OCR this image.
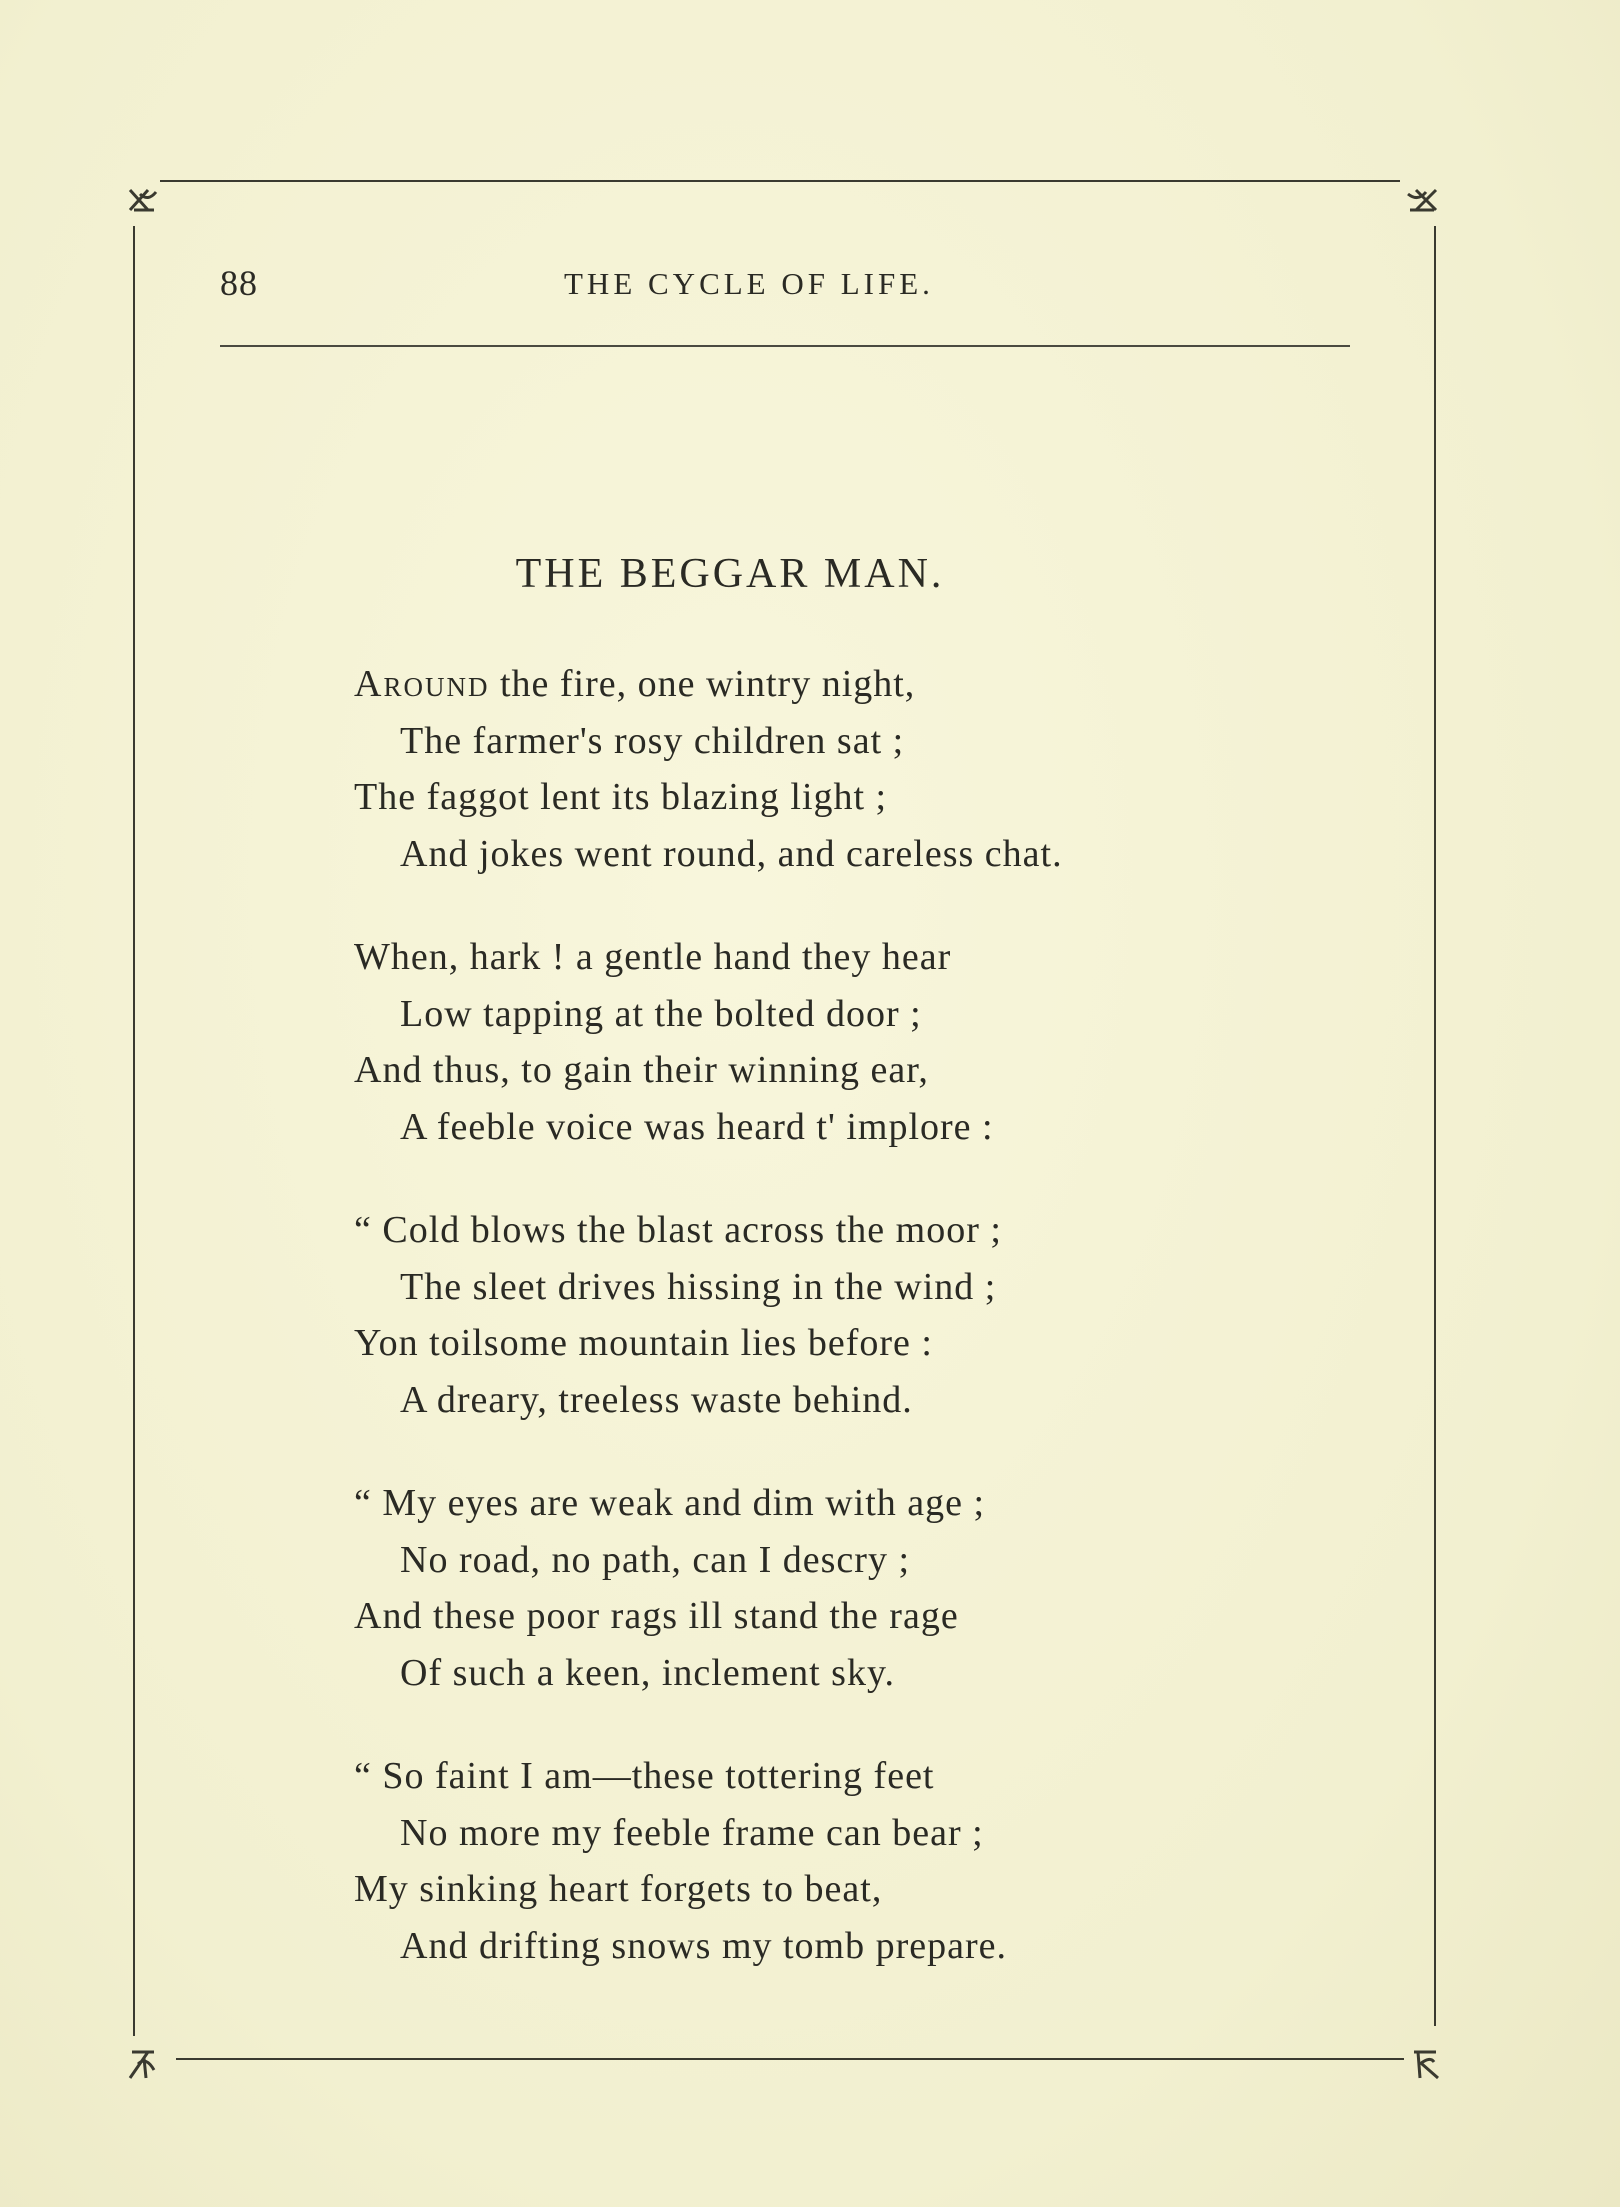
88	THE CYCLE OF LIFE.
THE BEGGAR MAN.
Around the fire, one wintry night,
The farmer's rosy children sat ;
The faggot lent its blazing light ;
And jokes went round, and careless chat.
When, hark ! a gentle hand they hear
Low tapping at the bolted door ;
And thus, to gain their winning ear,
A feeble voice was heard t' implore :
“ Cold blows the blast across the moor ;
The sleet drives hissing in the wind ;
Yon toilsome mountain lies before :
A dreary, treeless waste behind.
“ My eyes are weak and dim with age ;
No road, no path, can I descry ;
And these poor rags ill stand the rage
Of such a keen, inclement sky.
“ So faint I am—these tottering feet
No more my feeble frame can bear ;
My sinking heart forgets to beat,
And drifting snows my tomb prepare.
